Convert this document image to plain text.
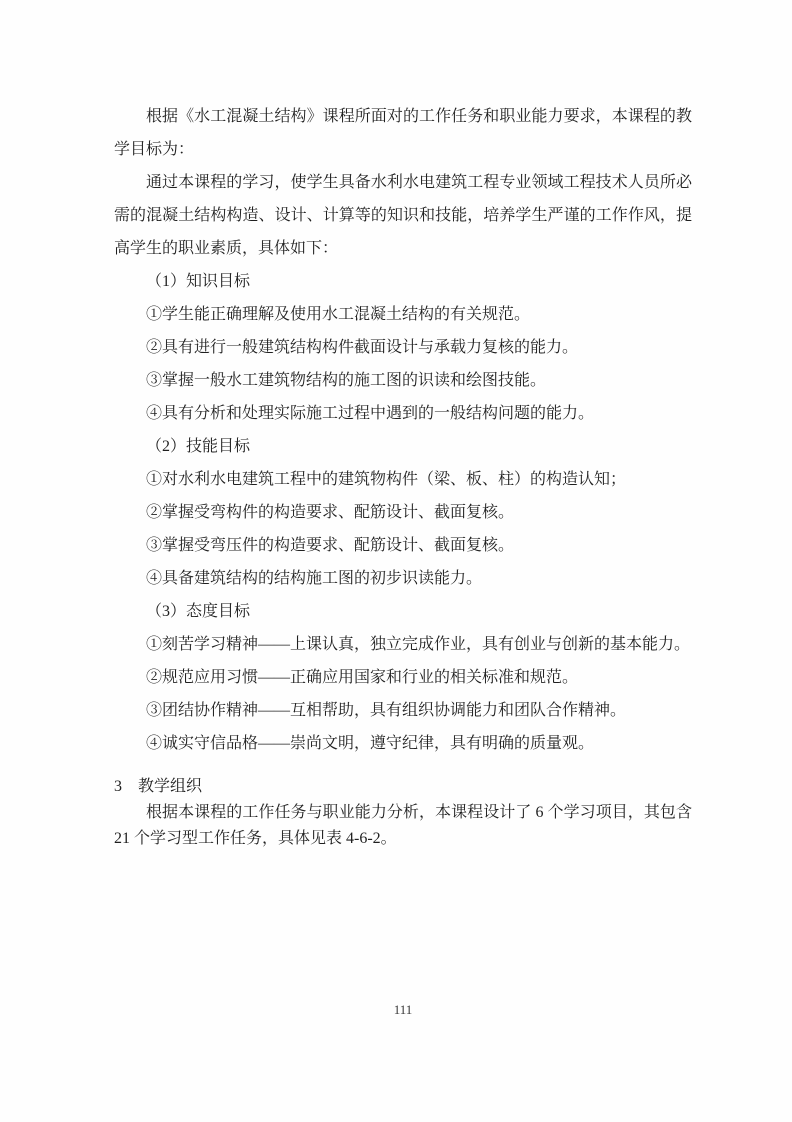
根据《水工混凝土结构》课程所面对的工作任务和职业能力要求，本课程的教学目标为：

通过本课程的学习，使学生具备水利水电建筑工程专业领域工程技术人员所必需的混凝土结构构造、设计、计算等的知识和技能，培养学生严谨的工作作风，提高学生的职业素质，具体如下：

（1）知识目标

①学生能正确理解及使用水工混凝土结构的有关规范。

②具有进行一般建筑结构构件截面设计与承载力复核的能力。

③掌握一般水工建筑物结构的施工图的识读和绘图技能。

④具有分析和处理实际施工过程中遇到的一般结构问题的能力。

（2）技能目标

①对水利水电建筑工程中的建筑物构件（梁、板、柱）的构造认知；

②掌握受弯构件的构造要求、配筋设计、截面复核。

③掌握受弯压件的构造要求、配筋设计、截面复核。

④具备建筑结构的结构施工图的初步识读能力。

（3）态度目标

①刻苦学习精神——上课认真，独立完成作业，具有创业与创新的基本能力。

②规范应用习惯——正确应用国家和行业的相关标准和规范。

③团结协作精神——互相帮助，具有组织协调能力和团队合作精神。

④诚实守信品格——崇尚文明，遵守纪律，具有明确的质量观。

3 教学组织

根据本课程的工作任务与职业能力分析，本课程设计了 6 个学习项目，其包含 21 个学习型工作任务，具体见表 4-6-2。

111
